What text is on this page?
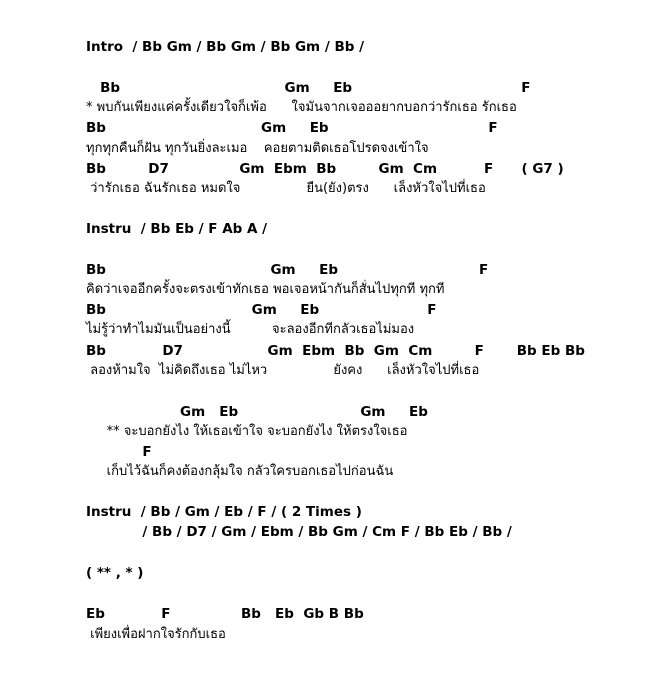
Intro  / Bb Gm / Bb Gm / Bb Gm / Bb /
Bb                                   Gm     Eb                                    F
* พบกันเพียงแค่ครั้งเดียวใจก็เพ้อ      ใจมันจากเจอออยากบอกว่ารักเธอ รักเธอ
Bb                                 Gm     Eb                                  F
ทุกทุกคืนก็ฝัน ทุกวันยิ่งละเมอ    คอยตามติดเธอโปรดจงเข้าใจ
Bb         D7               Gm  Ebm  Bb         Gm  Cm          F      ( G7 )
ว่ารักเธอ ฉันรักเธอ หมดใจ                ยืน(ยัง)ตรง      เล็งหัวใจไปที่เธอ
Instru  / Bb Eb / F Ab A /
Bb                                   Gm     Eb                              F
คิดว่าเจออีกครั้งจะตรงเข้าทักเธอ พอเจอหน้ากันก็สั่นไปทุกที ทุกที
Bb                               Gm     Eb                       F
ไม่รู้ว่าทำไมมันเป็นอย่างนี้          จะลองอีกทีกลัวเธอไม่มอง
Bb            D7                  Gm  Ebm  Bb  Gm  Cm         F       Bb Eb Bb
ลองห้ามใจ  ไม่คิดถึงเธอ ไม่ไหว                ยังคง      เล็งหัวใจไปที่เธอ
Gm   Eb                          Gm     Eb
** จะบอกยังไง ให้เธอเข้าใจ จะบอกยังไง ให้ตรงใจเธอ
F
เก็บไว้ฉันก็คงต้องกลุ้มใจ กลัวใครบอกเธอไปก่อนฉัน
Instru  / Bb / Gm / Eb / F / ( 2 Times )
/ Bb / D7 / Gm / Ebm / Bb Gm / Cm F / Bb Eb / Bb /
( ** , * )
Eb            F               Bb   Eb  Gb B Bb
เพียงเพื่อฝากใจรักกับเธอ
